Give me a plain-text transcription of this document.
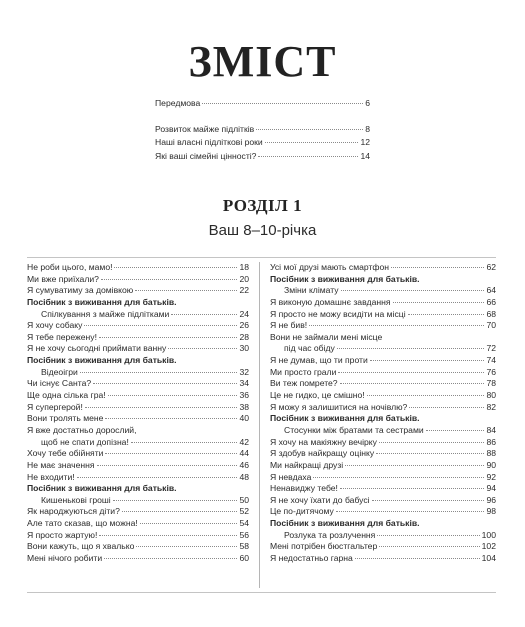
ЗМІСТ
Передмова	6
Розвиток майже підлітків	8
Наші власні підліткові роки	12
Які ваші сімейні цінності?	14
РОЗДІЛ 1
Ваш 8–10-річка
Не роби цього, мамо!	18
Ми вже приїхали?	20
Я сумуватиму за домівкою	22
Посібник з виживання для батьків.
Спілкування з майже підлітками	24
Я хочу собаку	26
Я тебе пережену!	28
Я не хочу сьогодні приймати ванну	30
Посібник з виживання для батьків.
Відеоігри	32
Чи існує Санта?	34
Ще одна сілька гра!	36
Я супергерой!	38
Вони тролять мене	40
Я вже достатньо дорослий,
щоб не спати допізна!	42
Хочу тебе обійняти	44
Не має значення	46
Не входити!	48
Посібник з виживання для батьків.
Кишенькові гроші	50
Як народжуються діти?	52
Але тато сказав, що можна!	54
Я просто жартую!	56
Вони кажуть, що я хвалько	58
Мені нічого робити	60
Усі мої друзі мають смартфон	62
Посібник з виживання для батьків.
Зміни клімату	64
Я виконую домашнє завдання	66
Я просто не можу всидіти на місці	68
Я не бив!	70
Вони не займали мені місце
під час обіду	72
Я не думав, що ти проти	74
Ми просто грали	76
Ви теж помрете?	78
Це не гидко, це смішно!	80
Я можу я залишитися на ночівлю?	82
Посібник з виживання для батьків.
Стосунки між братами та сестрами	84
Я хочу на макіяжну вечірку	86
Я здобув найкращу оцінку	88
Ми найкращі друзі	90
Я невдаха	92
Ненавиджу тебе!	94
Я не хочу їхати до бабусі	96
Це по-дитячому	98
Посібник з виживання для батьків.
Розлука та розлучення	100
Мені потрібен бюстгальтер	102
Я недостатньо гарна	104
